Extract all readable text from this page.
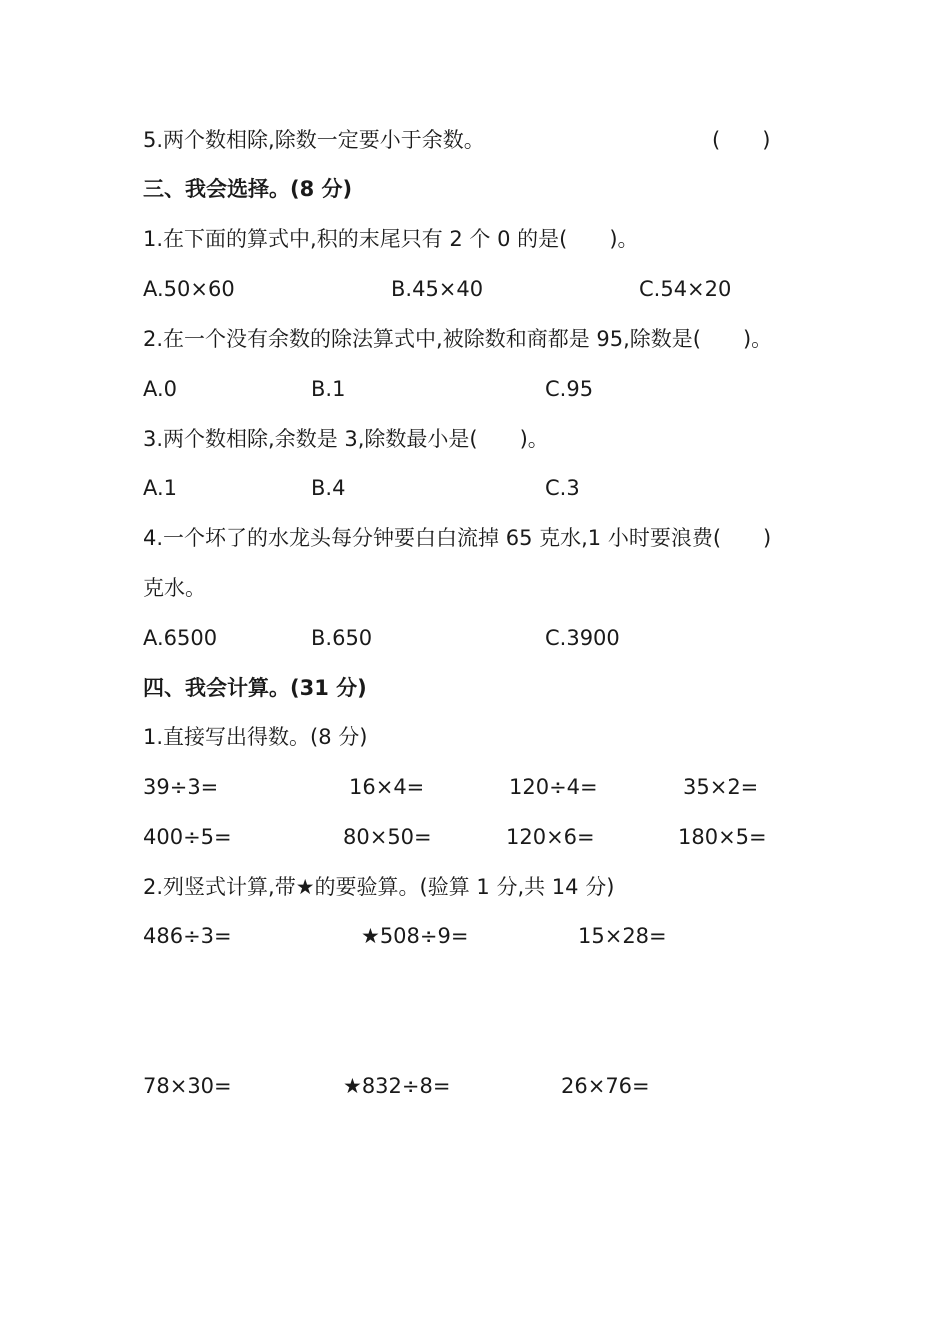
5.两个数相除,除数一定要小于余数。	(　　)
三、我会选择。(8 分)
1.在下面的算式中,积的末尾只有 2 个 0 的是(　　)。
A.50×60	B.45×40	C.54×20
2.在一个没有余数的除法算式中,被除数和商都是 95,除数是(　　)。
A.0	B.1	C.95
3.两个数相除,余数是 3,除数最小是(　　)。
A.1	B.4	C.3
4.一个坏了的水龙头每分钟要白白流掉 65 克水,1 小时要浪费(　　)
克水。
A.6500	B.650	C.3900
四、我会计算。(31 分)
1.直接写出得数。(8 分)
39÷3=	16×4=	120÷4=	35×2=
400÷5=	80×50=	120×6=	180×5=
2.列竖式计算,带★的要验算。(验算 1 分,共 14 分)
486÷3=	★508÷9=	15×28=
78×30=	★832÷8=	26×76=
